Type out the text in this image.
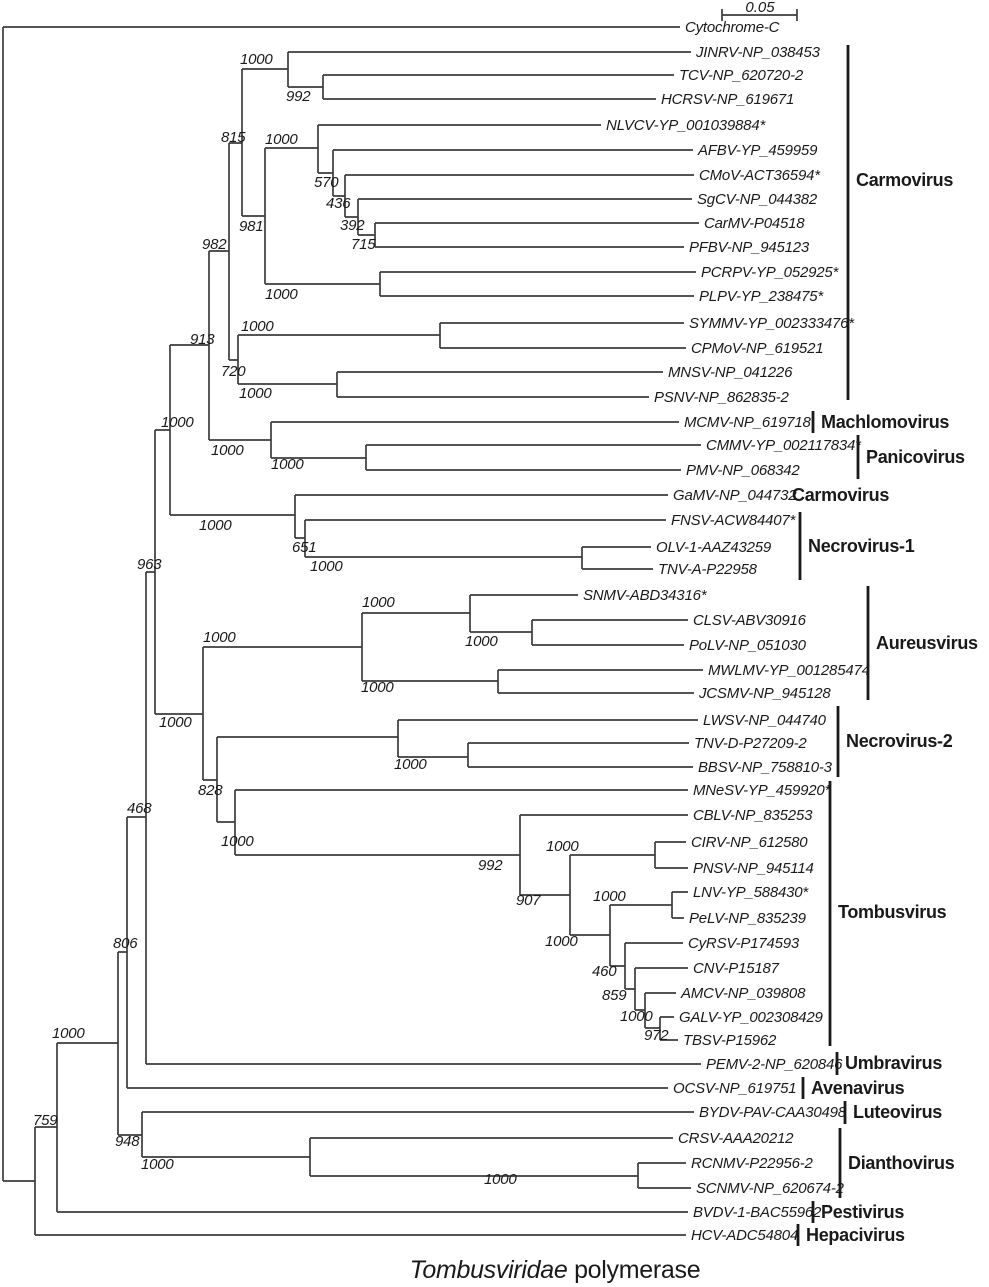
Cytochrome-C
JINRV-NP_038453
TCV-NP_620720-2
HCRSV-NP_619671
NLVCV-YP_001039884*
AFBV-YP_459959
CMoV-ACT36594*
SgCV-NP_044382
CarMV-P04518
PFBV-NP_945123
PCRPV-YP_052925*
PLPV-YP_238475*
SYMMV-YP_002333476*
CPMoV-NP_619521
MNSV-NP_041226
PSNV-NP_862835-2
MCMV-NP_619718
CMMV-YP_002117834*
PMV-NP_068342
GaMV-NP_044732
FNSV-ACW84407*
OLV-1-AAZ43259
TNV-A-P22958
SNMV-ABD34316*
CLSV-ABV30916
PoLV-NP_051030
MWLMV-YP_001285474
JCSMV-NP_945128
LWSV-NP_044740
TNV-D-P27209-2
BBSV-NP_758810-3
MNeSV-YP_459920*
CBLV-NP_835253
CIRV-NP_612580
PNSV-NP_945114
LNV-YP_588430*
PeLV-NP_835239
CyRSV-P174593
CNV-P15187
AMCV-NP_039808
GALV-YP_002308429
TBSV-P15962
PEMV-2-NP_620846
OCSV-NP_619751
BYDV-PAV-CAA30498
CRSV-AAA20212
RCNMV-P22956-2
SCNMV-NP_620674-2
BVDV-1-BAC55962
HCV-ADC54804
1000
992
815 1000
570
436
392
715
981
1000
982
913
1000
720
1000
1000
1000
1000
963
1000
651
1000
1000
1000
1000
1000
1000
828
1000
1000
992
907
1000
1000
1000
460
859
1000
972
468
806
1000
759
948
1000
1000
Carmovirus
Machlomovirus
Panicovirus
Carmovirus
Necrovirus-1
Aureusvirus
Necrovirus-2
Tombusvirus
Umbravirus
Avenavirus
Luteovirus
Dianthovirus
Pestivirus
Hepacivirus
0.05
Tombusviridae polymerase
